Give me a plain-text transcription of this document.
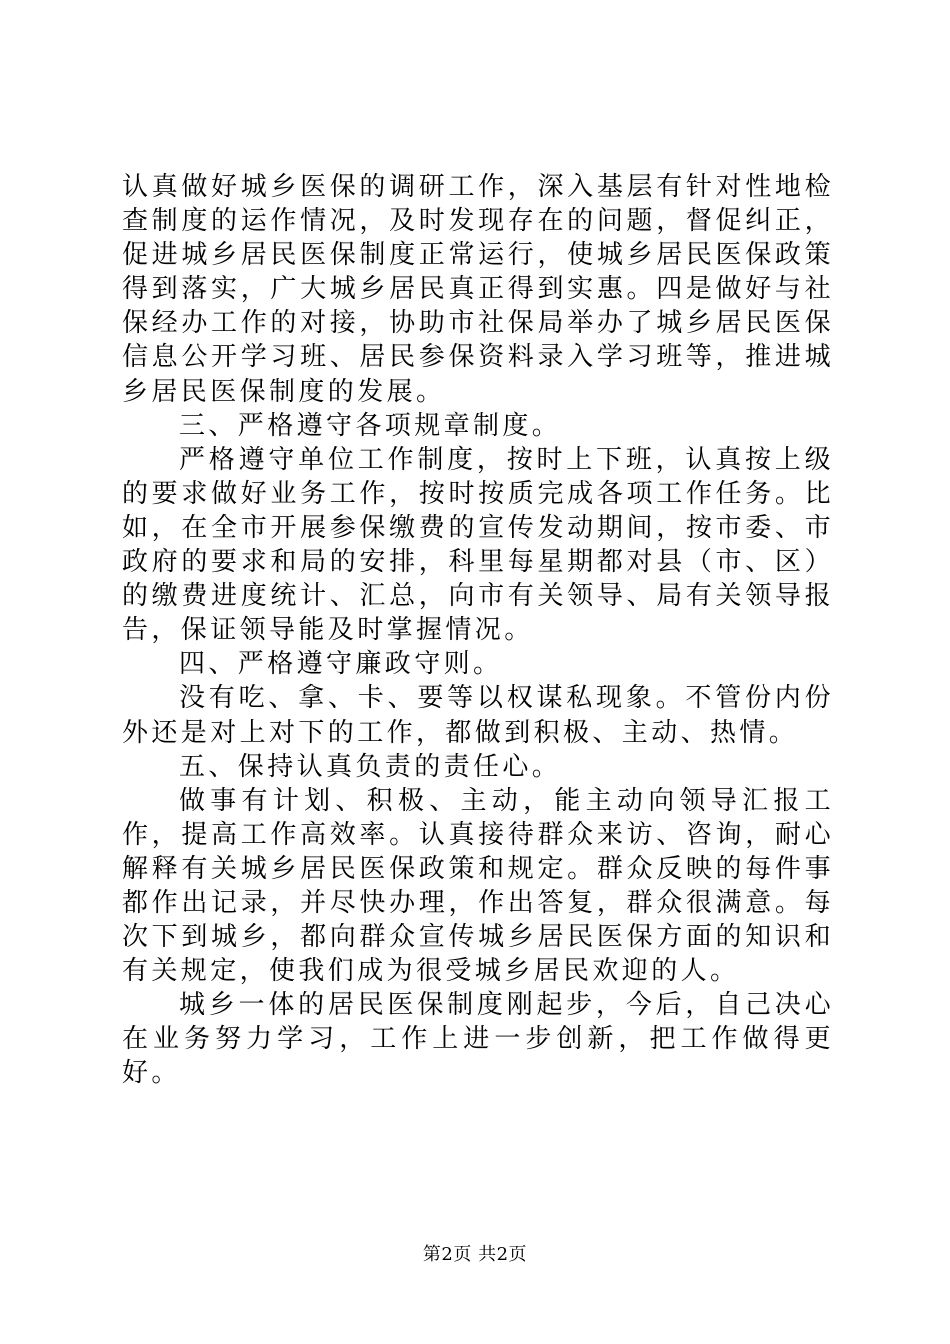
认真做好城乡医保的调研工作，深入基层有针对性地检查制度的运作情况，及时发现存在的问题，督促纠正，促进城乡居民医保制度正常运行，使城乡居民医保政策得到落实，广大城乡居民真正得到实惠。四是做好与社保经办工作的对接，协助市社保局举办了城乡居民医保信息公开学习班、居民参保资料录入学习班等，推进城乡居民医保制度的发展。

三、严格遵守各项规章制度。

严格遵守单位工作制度，按时上下班，认真按上级的要求做好业务工作，按时按质完成各项工作任务。比如，在全市开展参保缴费的宣传发动期间，按市委、市政府的要求和局的安排，科里每星期都对县（市、区）的缴费进度统计、汇总，向市有关领导、局有关领导报告，保证领导能及时掌握情况。

四、严格遵守廉政守则。

没有吃、拿、卡、要等以权谋私现象。不管份内份外还是对上对下的工作，都做到积极、主动、热情。

五、保持认真负责的责任心。

做事有计划、积极、主动，能主动向领导汇报工作，提高工作高效率。认真接待群众来访、咨询，耐心解释有关城乡居民医保政策和规定。群众反映的每件事都作出记录，并尽快办理，作出答复，群众很满意。每次下到城乡，都向群众宣传城乡居民医保方面的知识和有关规定，使我们成为很受城乡居民欢迎的人。

城乡一体的居民医保制度刚起步，今后，自己决心在业务努力学习，工作上进一步创新，把工作做得更好。

第2页 共2页
